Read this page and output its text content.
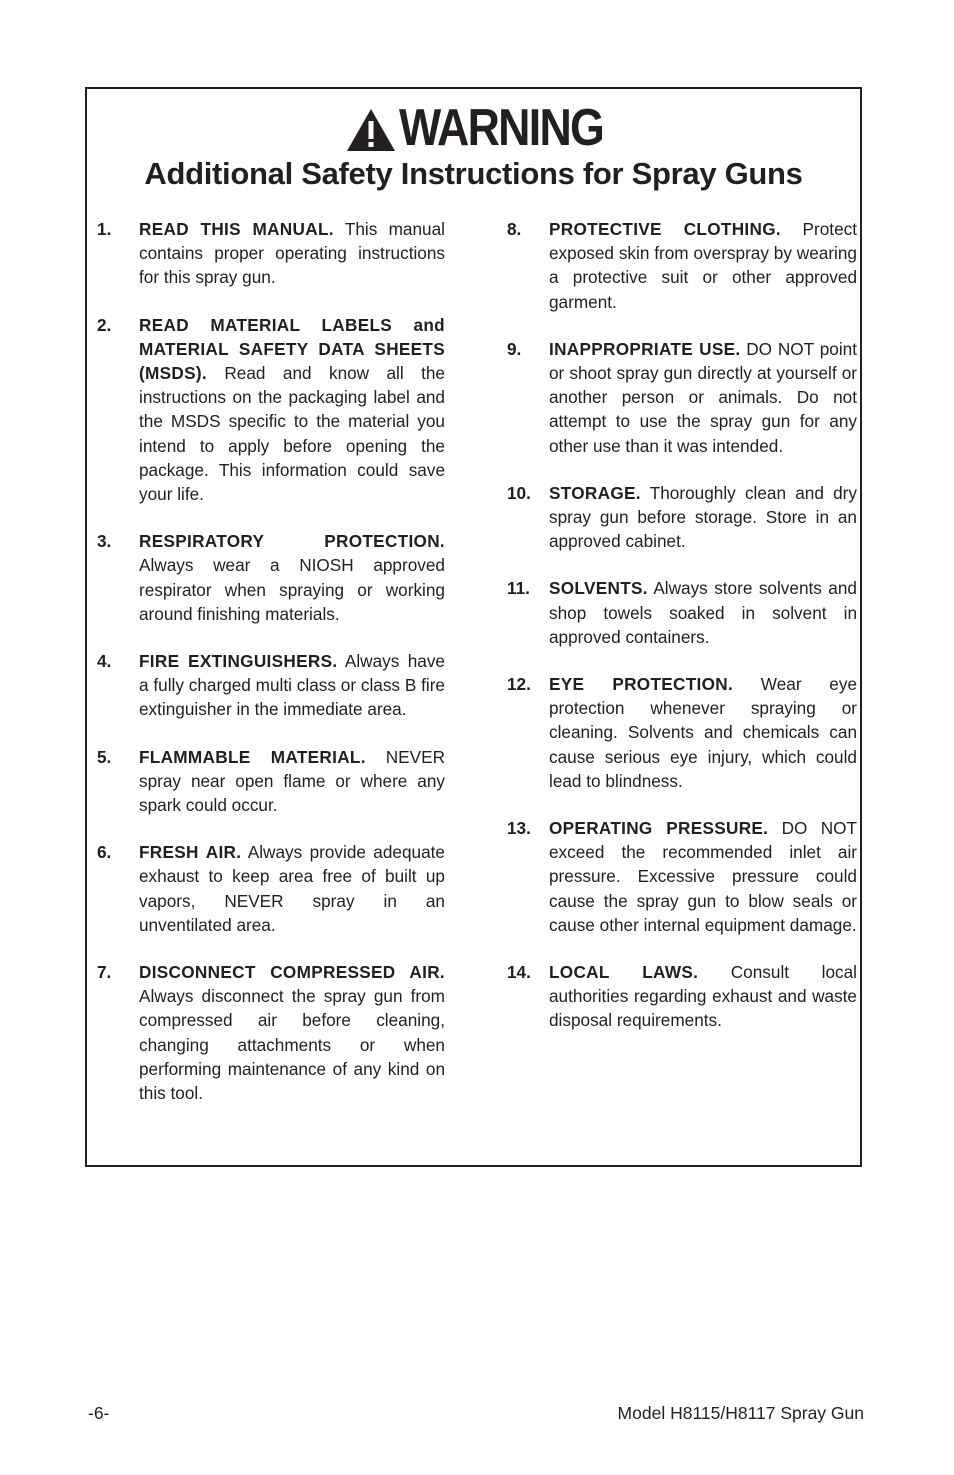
WARNING
Additional Safety Instructions for Spray Guns
1. READ THIS MANUAL. This manual contains proper operating instructions for this spray gun.
2. READ MATERIAL LABELS and MATERIAL SAFETY DATA SHEETS (MSDS). Read and know all the instructions on the packaging label and the MSDS specific to the material you intend to apply before opening the package. This information could save your life.
3. RESPIRATORY PROTECTION. Always wear a NIOSH approved respirator when spraying or working around finishing materials.
4. FIRE EXTINGUISHERS. Always have a fully charged multi class or class B fire extinguisher in the immediate area.
5. FLAMMABLE MATERIAL. NEVER spray near open flame or where any spark could occur.
6. FRESH AIR. Always provide adequate exhaust to keep area free of built up vapors, NEVER spray in an unventilated area.
7. DISCONNECT COMPRESSED AIR. Always disconnect the spray gun from compressed air before cleaning, changing attachments or when performing maintenance of any kind on this tool.
8. PROTECTIVE CLOTHING. Protect exposed skin from overspray by wearing a protective suit or other approved garment.
9. INAPPROPRIATE USE. DO NOT point or shoot spray gun directly at yourself or another person or animals. Do not attempt to use the spray gun for any other use than it was intended.
10. STORAGE. Thoroughly clean and dry spray gun before storage. Store in an approved cabinet.
11. SOLVENTS. Always store solvents and shop towels soaked in solvent in approved containers.
12. EYE PROTECTION. Wear eye protection whenever spraying or cleaning. Solvents and chemicals can cause serious eye injury, which could lead to blindness.
13. OPERATING PRESSURE. DO NOT exceed the recommended inlet air pressure. Excessive pressure could cause the spray gun to blow seals or cause other internal equipment damage.
14. LOCAL LAWS. Consult local authorities regarding exhaust and waste disposal requirements.
-6-	Model H8115/H8117 Spray Gun
